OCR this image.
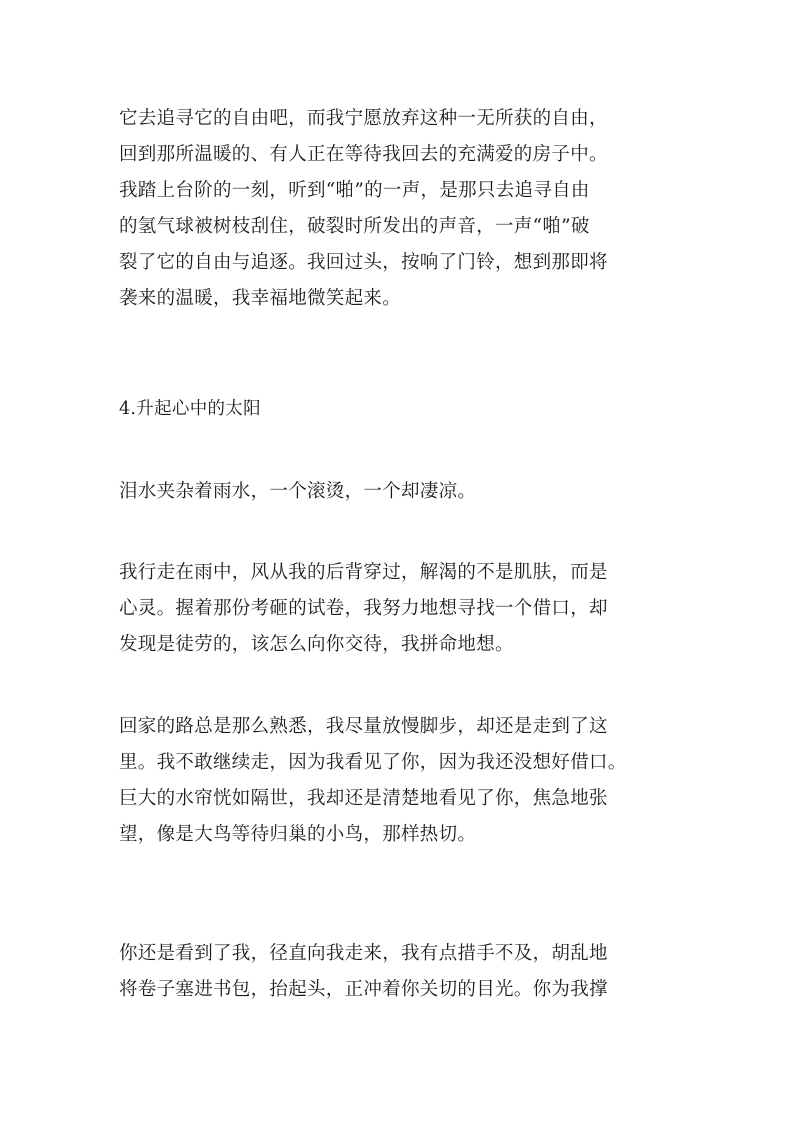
它去追寻它的自由吧，而我宁愿放弃这种一无所获的自由，
回到那所温暖的、有人正在等待我回去的充满爱的房子中。
我踏上台阶的一刻，听到“啪”的一声，是那只去追寻自由
的氢气球被树枝刮住，破裂时所发出的声音，一声“啪”破
裂了它的自由与追逐。我回过头，按响了门铃，想到那即将
袭来的温暖，我幸福地微笑起来。

4.升起心中的太阳

泪水夹杂着雨水，一个滚烫，一个却凄凉。

我行走在雨中，风从我的后背穿过，解渴的不是肌肤，而是
心灵。握着那份考砸的试卷，我努力地想寻找一个借口，却
发现是徒劳的，该怎么向你交待，我拼命地想。

回家的路总是那么熟悉，我尽量放慢脚步，却还是走到了这
里。我不敢继续走，因为我看见了你，因为我还没想好借口。
巨大的水帘恍如隔世，我却还是清楚地看见了你，焦急地张
望，像是大鸟等待归巢的小鸟，那样热切。

你还是看到了我，径直向我走来，我有点措手不及，胡乱地
将卷子塞进书包，抬起头，正冲着你关切的目光。你为我撑
